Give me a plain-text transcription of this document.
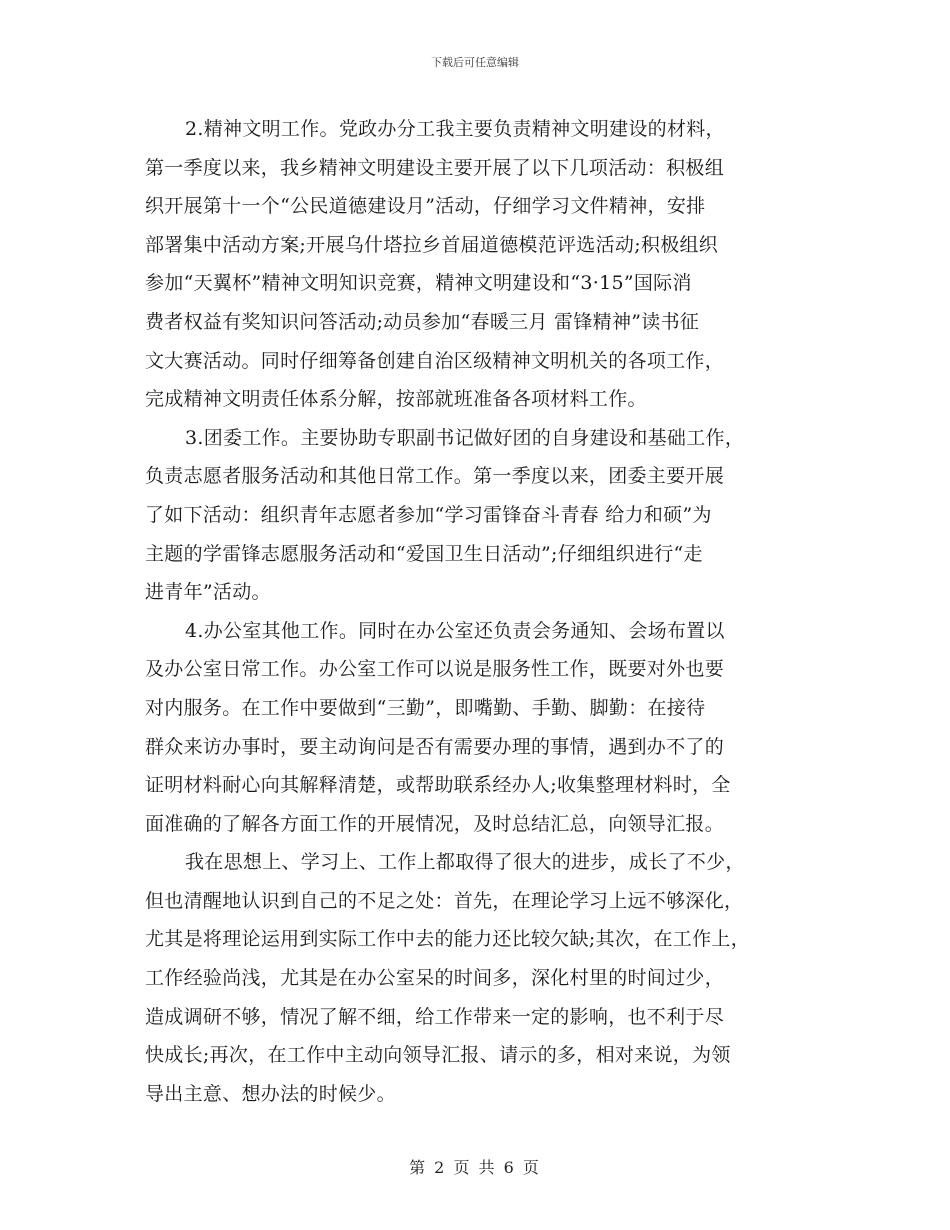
下载后可任意编辑
2.精神文明工作。党政办分工我主要负责精神文明建设的材料，
第一季度以来，我乡精神文明建设主要开展了以下几项活动：积极组
织开展第十一个“公民道德建设月”活动，仔细学习文件精神，安排
部署集中活动方案;开展乌什塔拉乡首届道德模范评选活动;积极组织
参加“天翼杯”精神文明知识竞赛，精神文明建设和“3·15”国际消
费者权益有奖知识问答活动;动员参加“春暖三月 雷锋精神”读书征
文大赛活动。同时仔细筹备创建自治区级精神文明机关的各项工作，
完成精神文明责任体系分解，按部就班准备各项材料工作。
3.团委工作。主要协助专职副书记做好团的自身建设和基础工作，
负责志愿者服务活动和其他日常工作。第一季度以来，团委主要开展
了如下活动：组织青年志愿者参加“学习雷锋奋斗青春 给力和硕”为
主题的学雷锋志愿服务活动和“爱国卫生日活动”;仔细组织进行“走
进青年”活动。
4.办公室其他工作。同时在办公室还负责会务通知、会场布置以
及办公室日常工作。办公室工作可以说是服务性工作，既要对外也要
对内服务。在工作中要做到“三勤”，即嘴勤、手勤、脚勤：在接待
群众来访办事时，要主动询问是否有需要办理的事情，遇到办不了的
证明材料耐心向其解释清楚，或帮助联系经办人;收集整理材料时，全
面准确的了解各方面工作的开展情况，及时总结汇总，向领导汇报。
我在思想上、学习上、工作上都取得了很大的进步，成长了不少，
但也清醒地认识到自己的不足之处：首先，在理论学习上远不够深化，
尤其是将理论运用到实际工作中去的能力还比较欠缺;其次，在工作上，
工作经验尚浅，尤其是在办公室呆的时间多，深化村里的时间过少，
造成调研不够，情况了解不细，给工作带来一定的影响，也不利于尽
快成长;再次，在工作中主动向领导汇报、请示的多，相对来说，为领
导出主意、想办法的时候少。
第 2 页 共 6 页
